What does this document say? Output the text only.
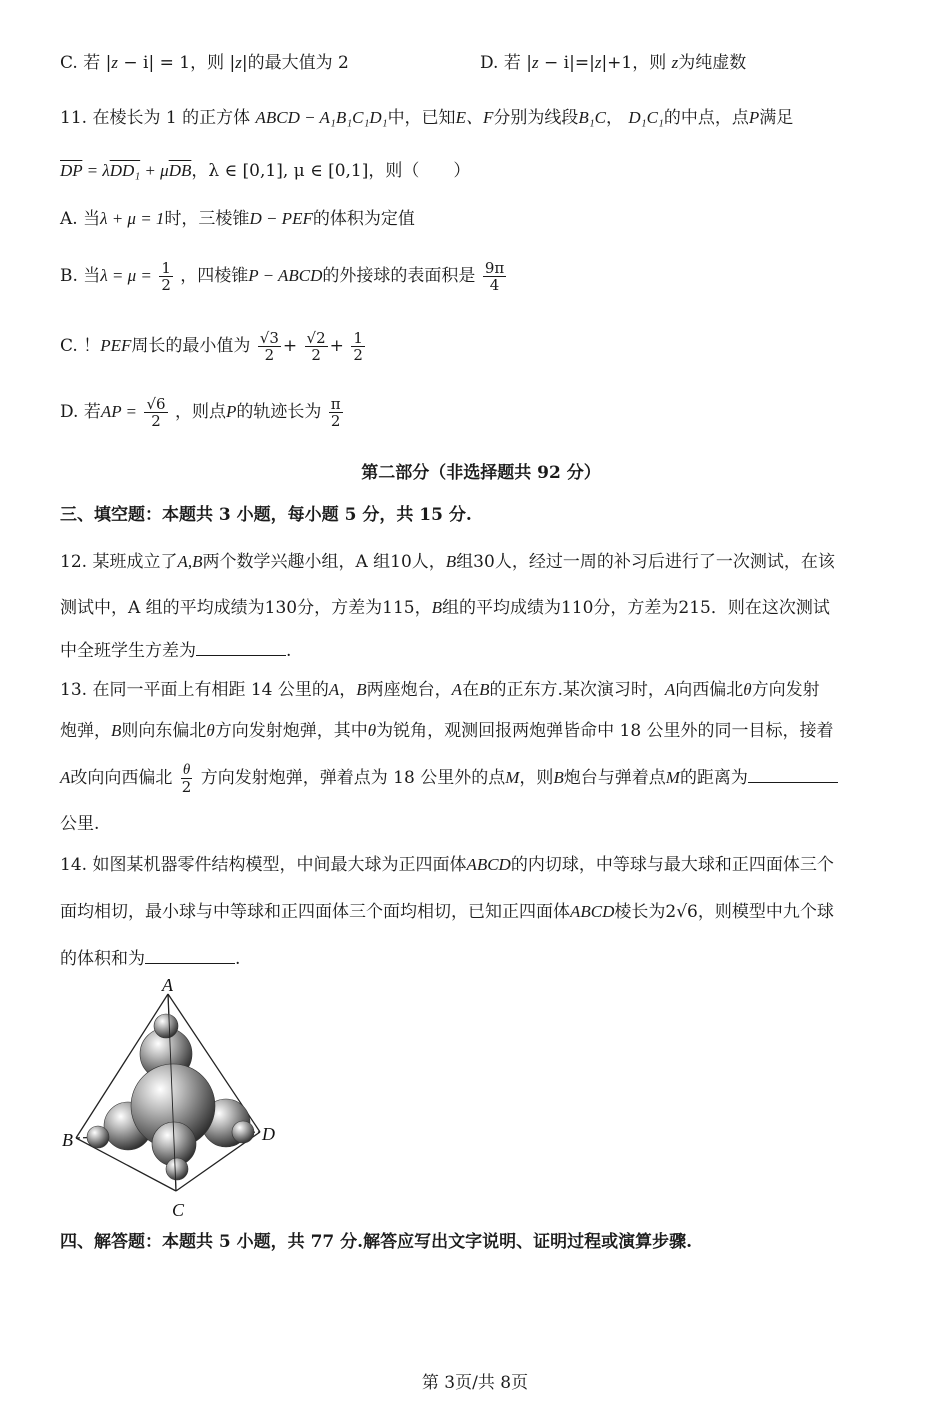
C. 若 |z − i| = 1，则 |z|的最大值为 2	D. 若 |z − i|=|z|+1，则 z为纯虚数
11. 在棱长为 1 的正方体 ABCD − A₁B₁C₁D₁中，已知E、F分别为线段B₁C， D₁C₁的中点，点P满足
$\overline{DP} = \lambda DD_1 + \mu\overline{DB}$，λ ∈ [0,1], μ ∈ [0,1]，则（　　）
A. 当λ + μ = 1时，三棱锥D − PEF的体积为定值
B. 当$\lambda = \mu = \frac{1}{2}$ ，四棱锥P − ABCD的外接球的表面积是 $\frac{9\pi}{4}$
C. ！PEF周长的最小值为 $\frac{√3}{2} + \frac{√2}{2} + \frac{1}{2}$
D. 若AP = $\frac{√6}{2}$ ，则点P的轨迹长为 $\frac{\pi}{2}$
第二部分（非选择题共 92 分）
三、填空题：本题共 3 小题，每小题 5 分，共 15 分.
12. 某班成立了A,B两个数学兴趣小组，A 组10人，B组30人，经过一周的补习后进行了一次测试，在该
测试中，A 组的平均成绩为130分，方差为115，B组的平均成绩为110分，方差为215．则在这次测试
中全班学生方差为	.
13. 在同一平面上有相距 14 公里的A，B两座炮台，A在B的正东方.某次演习时，A向西偏北θ方向发射
炮弹，B则向东偏北θ方向发射炮弹，其中θ为锐角，观测回报两炮弹皆命中 18 公里外的同一目标，接着
A改向向西偏北 $\frac{\theta}{2}$ 方向发射炮弹，弹着点为 18 公里外的点M，则B炮台与弹着点M的距离为
公里.
14. 如图某机器零件结构模型，中间最大球为正四面体ABCD的内切球，中等球与最大球和正四面体三个
面均相切，最小球与中等球和正四面体三个面均相切，已知正四面体ABCD棱长为2√6，则模型中九个球
的体积和为	.
A
B
C
D
四、解答题：本题共 5 小题，共 77 分.解答应写出文字说明、证明过程或演算步骤.
第 3页/共 8页
